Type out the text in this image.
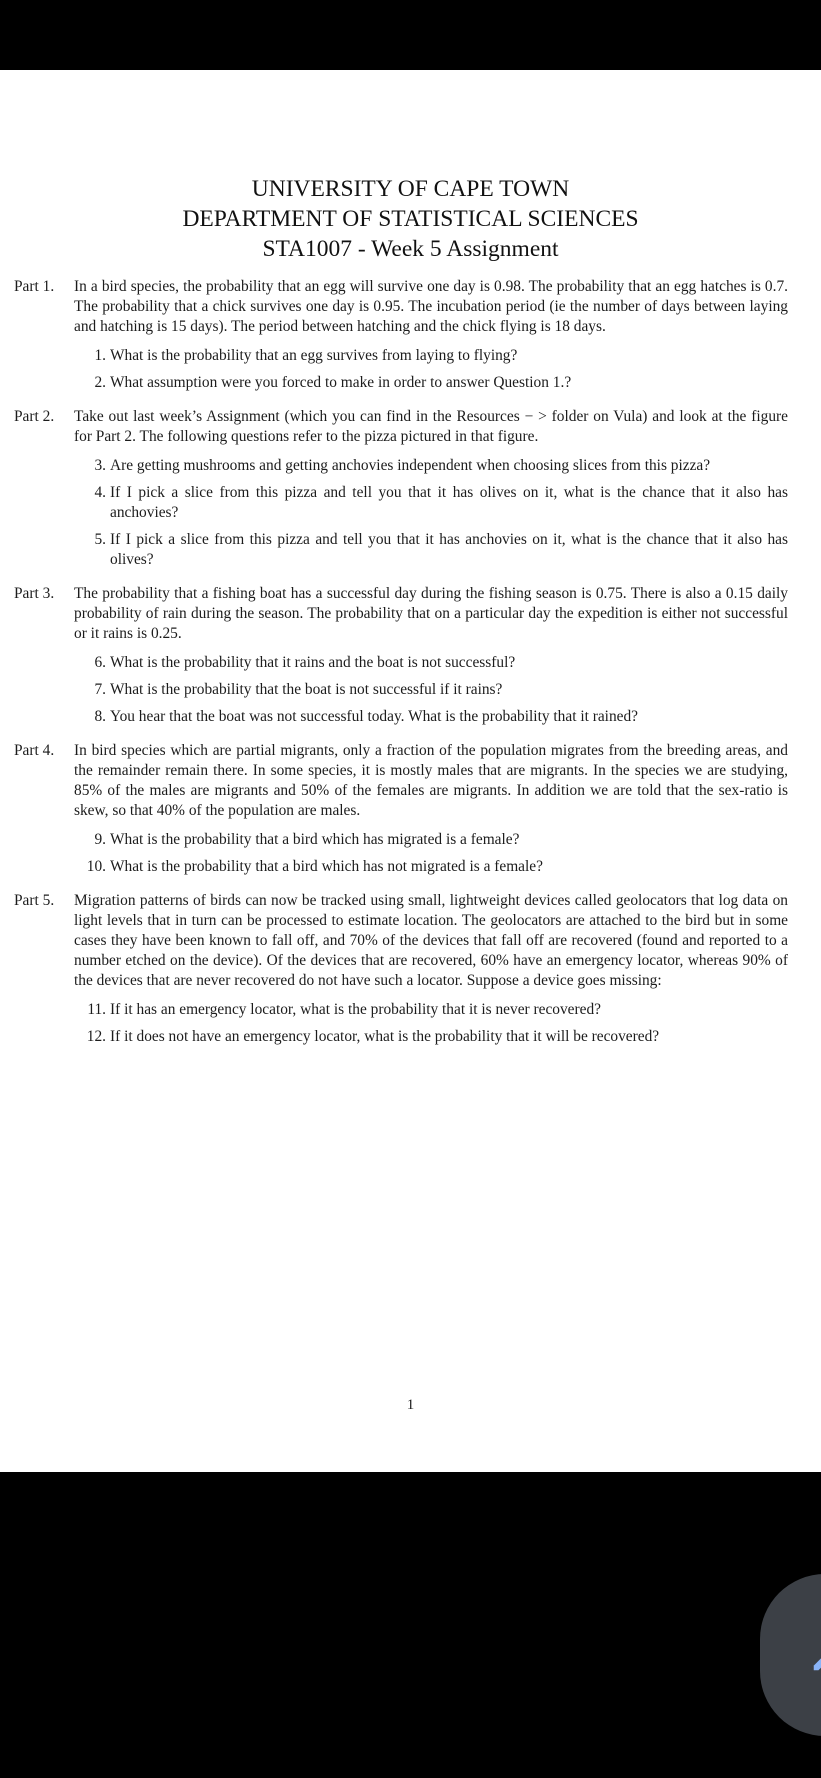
UNIVERSITY OF CAPE TOWN
DEPARTMENT OF STATISTICAL SCIENCES
STA1007 - Week 5 Assignment
Part 1. In a bird species, the probability that an egg will survive one day is 0.98. The probability that an egg hatches is 0.7. The probability that a chick survives one day is 0.95. The incubation period (ie the number of days between laying and hatching is 15 days). The period between hatching and the chick flying is 18 days.
1. What is the probability that an egg survives from laying to flying?
2. What assumption were you forced to make in order to answer Question 1.?
Part 2. Take out last week’s Assignment (which you can find in the Resources − > folder on Vula) and look at the figure for Part 2. The following questions refer to the pizza pictured in that figure.
3. Are getting mushrooms and getting anchovies independent when choosing slices from this pizza?
4. If I pick a slice from this pizza and tell you that it has olives on it, what is the chance that it also has anchovies?
5. If I pick a slice from this pizza and tell you that it has anchovies on it, what is the chance that it also has olives?
Part 3. The probability that a fishing boat has a successful day during the fishing season is 0.75. There is also a 0.15 daily probability of rain during the season. The probability that on a particular day the expedition is either not successful or it rains is 0.25.
6. What is the probability that it rains and the boat is not successful?
7. What is the probability that the boat is not successful if it rains?
8. You hear that the boat was not successful today. What is the probability that it rained?
Part 4. In bird species which are partial migrants, only a fraction of the population migrates from the breeding areas, and the remainder remain there. In some species, it is mostly males that are migrants. In the species we are studying, 85% of the males are migrants and 50% of the females are migrants. In addition we are told that the sex-ratio is skew, so that 40% of the population are males.
9. What is the probability that a bird which has migrated is a female?
10. What is the probability that a bird which has not migrated is a female?
Part 5. Migration patterns of birds can now be tracked using small, lightweight devices called geolocators that log data on light levels that in turn can be processed to estimate location. The geolocators are attached to the bird but in some cases they have been known to fall off, and 70% of the devices that fall off are recovered (found and reported to a number etched on the device). Of the devices that are recovered, 60% have an emergency locator, whereas 90% of the devices that are never recovered do not have such a locator. Suppose a device goes missing:
11. If it has an emergency locator, what is the probability that it is never recovered?
12. If it does not have an emergency locator, what is the probability that it will be recovered?
1
